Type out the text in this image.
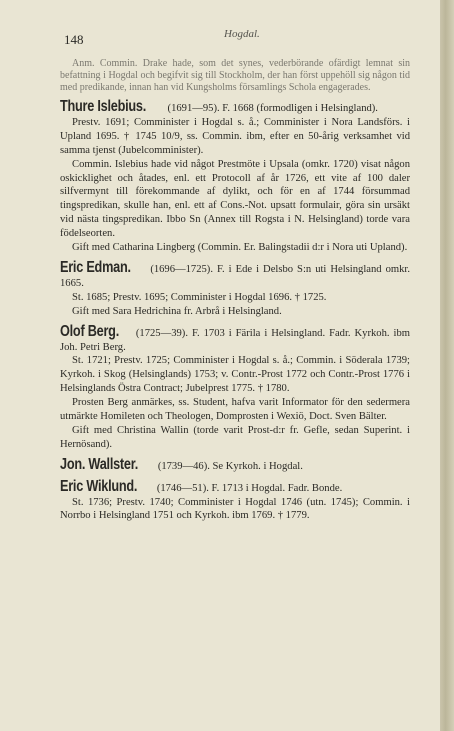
148	Hogdal.
Anm. Commin. Drake hade, som det synes, vederbörande ofärdigt lemnat sin befattning i Hogdal och begifvit sig till Stockholm, der han först uppehöll sig någon tid med predikande, innan han vid Kungsholms församlings Schola engagerades.

Thure Islebius. (1691—95). F. 1668 (formodligen i Helsingland).

Prestv. 1691; Comminister i Hogdal s. å.; Comminister i Nora Landsförs. i Upland 1695. † 1745 10/9, ss. Commin. ibm, efter en 50-årig verksamhet vid samma tjenst (Jubelcomminister).

Commin. Islebius hade vid något Prestmöte i Upsala (omkr. 1720) visat någon oskicklighet och åtades, enl. ett Protocoll af år 1726, ett vite af 100 daler silfvermynt till förekommande af dylikt, och för en af 1744 försummad tingspredikan, skulle han, enl. ett af Cons.-Not. upsatt formulair, göra sin ursäkt vid nästa tingspredikan. Ibbo Sn (Annex till Rogsta i N. Helsingland) torde vara födelseorten.

Gift med Catharina Lingberg (Commin. Er. Balingstadii d:r i Nora uti Upland).

Eric Edman. (1696—1725). F. i Ede i Delsbo S:n uti Helsingland omkr. 1665.

St. 1685; Prestv. 1695; Comminister i Hogdal 1696. † 1725.

Gift med Sara Hedrichina fr. Arbrå i Helsingland.

Olof Berg. (1725—39). F. 1703 i Färila i Helsingland. Fadr. Kyrkoh. ibm Joh. Petri Berg.

St. 1721; Prestv. 1725; Comminister i Hogdal s. å.; Commin. i Söderala 1739; Kyrkoh. i Skog (Helsinglands) 1753; v. Contr.-Prost 1772 och Contr.-Prost 1776 i Helsinglands Östra Contract; Jubelprest 1775. † 1780.

Prosten Berg anmärkes, ss. Student, hafva varit Informator för den sedermera utmärkte Homileten och Theologen, Domprosten i Wexiö, Doct. Sven Bälter.

Gift med Christina Wallin (torde varit Prost-d:r fr. Gefle, sedan Superint. i Hernösand).

Jon. Wallster. (1739—46). Se Kyrkoh. i Hogdal.

Eric Wiklund. (1746—51). F. 1713 i Hogdal. Fadr. Bonde.

St. 1736; Prestv. 1740; Comminister i Hogdal 1746 (utn. 1745); Commin. i Norrbo i Helsingland 1751 och Kyrkoh. ibm 1769. † 1779.
